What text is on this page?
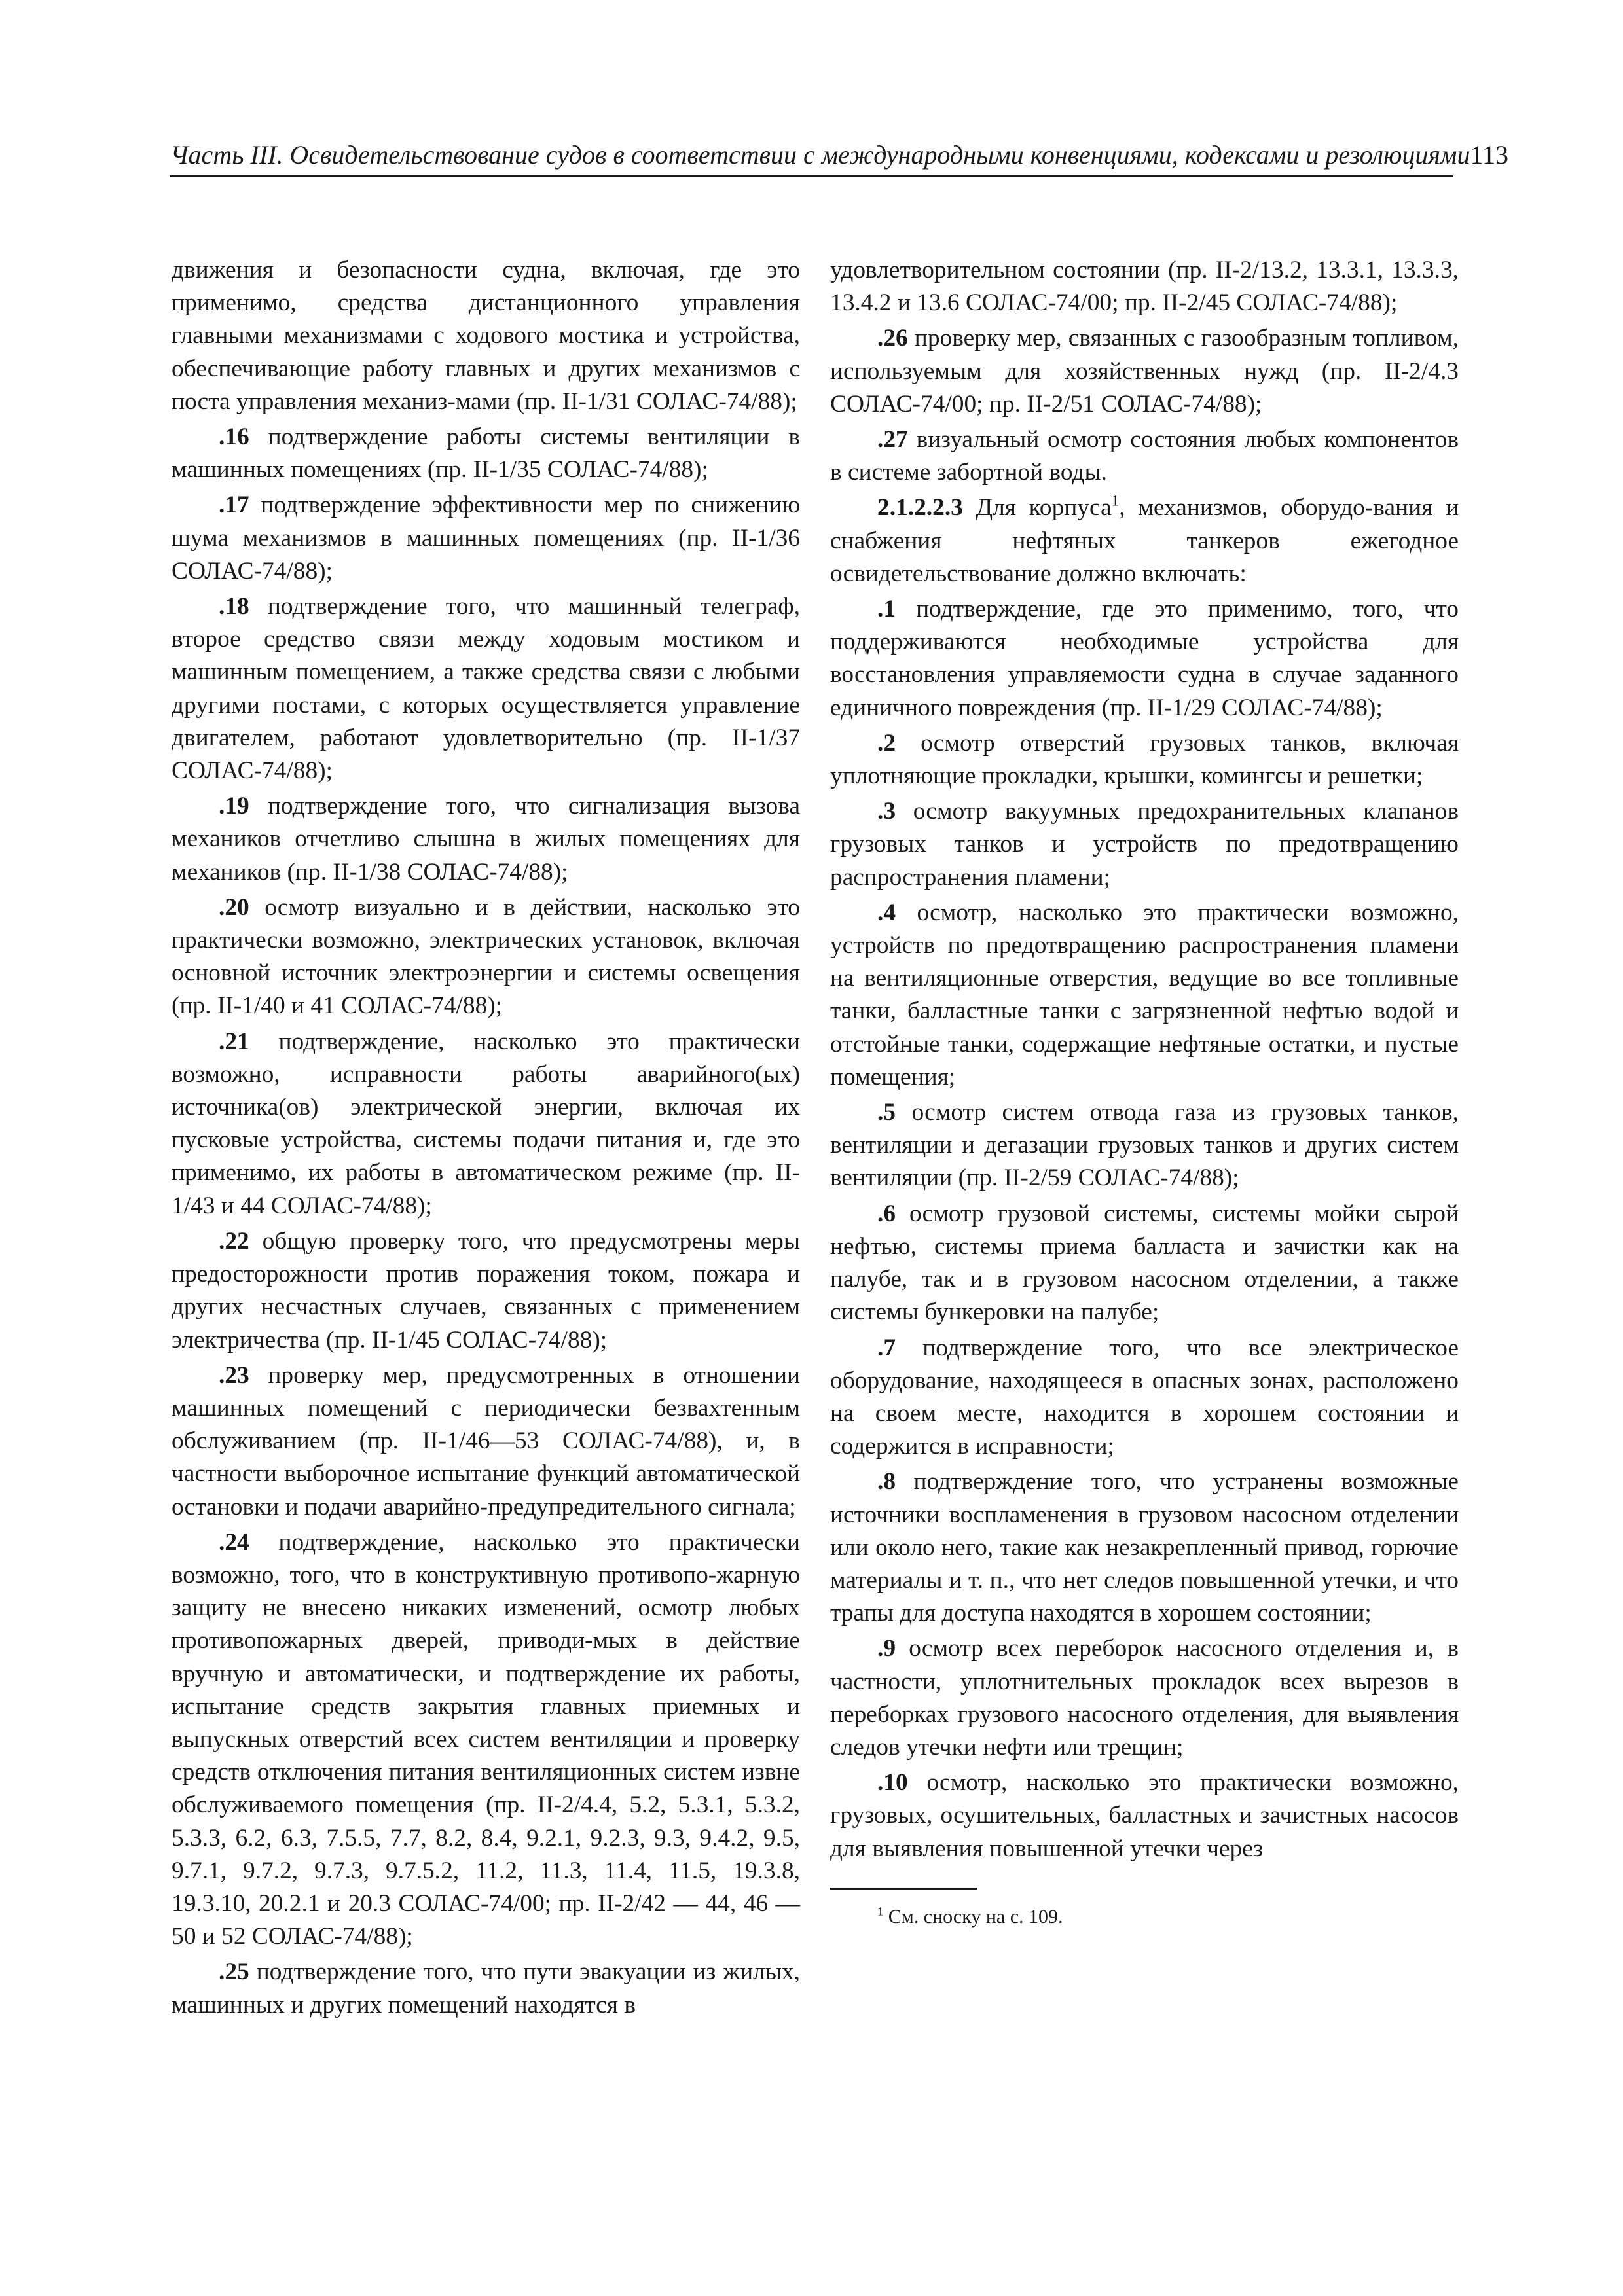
Часть III. Освидетельствование судов в соответствии с международными конвенциями, кодексами и резолюциями 113

движения и безопасности судна, включая, где это применимо, средства дистанционного управления главными механизмами с ходового мостика и устройства, обеспечивающие работу главных и других механизмов с поста управления механиз-мами (пр. II-1/31 СОЛАС-74/88);

.16 подтверждение работы системы вентиляции в машинных помещениях (пр. II-1/35 СОЛАС-74/88);

.17 подтверждение эффективности мер по снижению шума механизмов в машинных помещениях (пр. II-1/36 СОЛАС-74/88);

.18 подтверждение того, что машинный телеграф, второе средство связи между ходовым мостиком и машинным помещением, а также средства связи с любыми другими постами, с которых осуществляется управление двигателем, работают удовлетворительно (пр. II-1/37 СОЛАС-74/88);

.19 подтверждение того, что сигнализация вызова механиков отчетливо слышна в жилых помещениях для механиков (пр. II-1/38 СОЛАС-74/88);

.20 осмотр визуально и в действии, насколько это практически возможно, электрических установок, включая основной источник электроэнергии и системы освещения (пр. II-1/40 и 41 СОЛАС-74/88);

.21 подтверждение, насколько это практически возможно, исправности работы аварийного(ых) источника(ов) электрической энергии, включая их пусковые устройства, системы подачи питания и, где это применимо, их работы в автоматическом режиме (пр. II-1/43 и 44 СОЛАС-74/88);

.22 общую проверку того, что предусмотрены меры предосторожности против поражения током, пожара и других несчастных случаев, связанных с применением электричества (пр. II-1/45 СОЛАС-74/88);

.23 проверку мер, предусмотренных в отношении машинных помещений с периодически безвахтенным обслуживанием (пр. II-1/46—53 СОЛАС-74/88), и, в частности выборочное испытание функций автоматической остановки и подачи аварийно-предупредительного сигнала;

.24 подтверждение, насколько это практически возможно, того, что в конструктивную противопо-жарную защиту не внесено никаких изменений, осмотр любых противопожарных дверей, приводи-мых в действие вручную и автоматически, и подтверждение их работы, испытание средств закрытия главных приемных и выпускных отверстий всех систем вентиляции и проверку средств отключения питания вентиляционных систем извне обслуживаемого помещения (пр. II-2/4.4, 5.2, 5.3.1, 5.3.2, 5.3.3, 6.2, 6.3, 7.5.5, 7.7, 8.2, 8.4, 9.2.1, 9.2.3, 9.3, 9.4.2, 9.5, 9.7.1, 9.7.2, 9.7.3, 9.7.5.2, 11.2, 11.3, 11.4, 11.5, 19.3.8, 19.3.10, 20.2.1 и 20.3 СОЛАС-74/00; пр. II-2/42 — 44, 46 — 50 и 52 СОЛАС-74/88);

.25 подтверждение того, что пути эвакуации из жилых, машинных и других помещений находятся в

удовлетворительном состоянии (пр. II-2/13.2, 13.3.1, 13.3.3, 13.4.2 и 13.6 СОЛАС-74/00; пр. II-2/45 СОЛАС-74/88);

.26 проверку мер, связанных с газообразным топливом, используемым для хозяйственных нужд (пр. II-2/4.3 СОЛАС-74/00; пр. II-2/51 СОЛАС-74/88);

.27 визуальный осмотр состояния любых компонентов в системе забортной воды.

2.1.2.2.3 Для корпуса$^1$, механизмов, оборудо-вания и снабжения нефтяных танкеров ежегодное освидетельствование должно включать:

.1 подтверждение, где это применимо, того, что поддерживаются необходимые устройства для восстановления управляемости судна в случае заданного единичного повреждения (пр. II-1/29 СОЛАС-74/88);

.2 осмотр отверстий грузовых танков, включая уплотняющие прокладки, крышки, комингсы и решетки;

.3 осмотр вакуумных предохранительных клапанов грузовых танков и устройств по предотвращению распространения пламени;

.4 осмотр, насколько это практически возможно, устройств по предотвращению распространения пламени на вентиляционные отверстия, ведущие во все топливные танки, балластные танки с загрязненной нефтью водой и отстойные танки, содержащие нефтяные остатки, и пустые помещения;

.5 осмотр систем отвода газа из грузовых танков, вентиляции и дегазации грузовых танков и других систем вентиляции (пр. II-2/59 СОЛАС-74/88);

.6 осмотр грузовой системы, системы мойки сырой нефтью, системы приема балласта и зачистки как на палубе, так и в грузовом насосном отделении, а также системы бункеровки на палубе;

.7 подтверждение того, что все электрическое оборудование, находящееся в опасных зонах, расположено на своем месте, находится в хорошем состоянии и содержится в исправности;

.8 подтверждение того, что устранены возможные источники воспламенения в грузовом насосном отделении или около него, такие как незакрепленный привод, горючие материалы и т. п., что нет следов повышенной утечки, и что трапы для доступа находятся в хорошем состоянии;

.9 осмотр всех переборок насосного отделения и, в частности, уплотнительных прокладок всех вырезов в переборках грузового насосного отделения, для выявления следов утечки нефти или трещин;

.10 осмотр, насколько это практически возможно, грузовых, осушительных, балластных и зачистных насосов для выявления повышенной утечки через

$^1$ См. сноску на с. 109.
